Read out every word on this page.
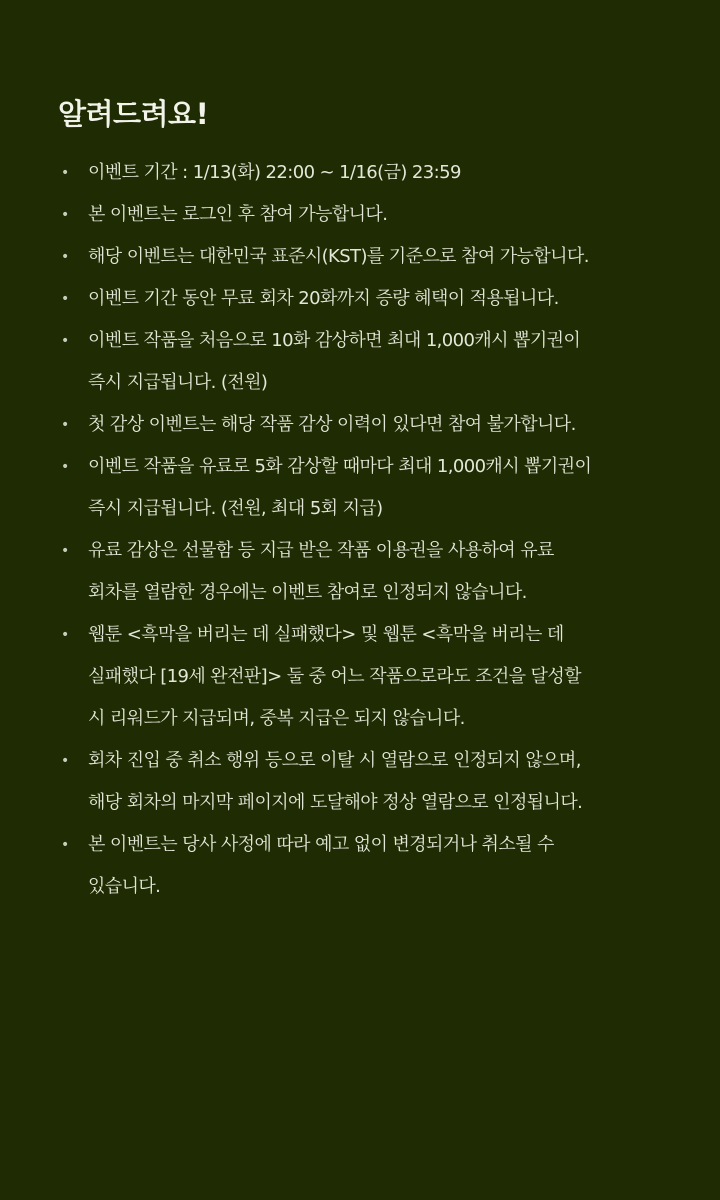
알려드려요!
• 이벤트 기간 : 1/13(화) 22:00 ~ 1/16(금) 23:59
• 본 이벤트는 로그인 후 참여 가능합니다.
• 해당 이벤트는 대한민국 표준시(KST)를 기준으로 참여 가능합니다.
• 이벤트 기간 동안 무료 회차 20화까지 증량 혜택이 적용됩니다.
• 이벤트 작품을 처음으로 10화 감상하면 최대 1,000캐시 뽑기권이
즉시 지급됩니다. (전원)
• 첫 감상 이벤트는 해당 작품 감상 이력이 있다면 참여 불가합니다.
• 이벤트 작품을 유료로 5화 감상할 때마다 최대 1,000캐시 뽑기권이
즉시 지급됩니다. (전원, 최대 5회 지급)
• 유료 감상은 선물함 등 지급 받은 작품 이용권을 사용하여 유료
회차를 열람한 경우에는 이벤트 참여로 인정되지 않습니다.
• 웹툰 <흑막을 버리는 데 실패했다> 및 웹툰 <흑막을 버리는 데
실패했다 [19세 완전판]> 둘 중 어느 작품으로라도 조건을 달성할
시 리워드가 지급되며, 중복 지급은 되지 않습니다.
• 회차 진입 중 취소 행위 등으로 이탈 시 열람으로 인정되지 않으며,
해당 회차의 마지막 페이지에 도달해야 정상 열람으로 인정됩니다.
• 본 이벤트는 당사 사정에 따라 예고 없이 변경되거나 취소될 수
있습니다.
